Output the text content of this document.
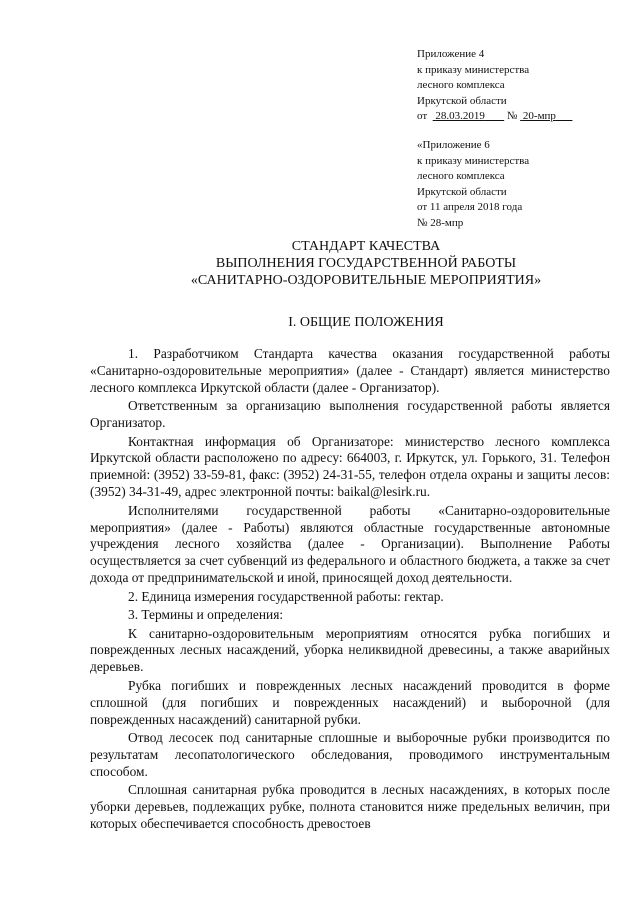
Приложение 4
к приказу министерства
лесного комплекса
Иркутской области
от 28.03.2019 № 20-мпр
«Приложение 6
к приказу министерства
лесного комплекса
Иркутской области
от 11 апреля 2018 года
№ 28-мпр
СТАНДАРТ КАЧЕСТВА
ВЫПОЛНЕНИЯ ГОСУДАРСТВЕННОЙ РАБОТЫ
«САНИТАРНО-ОЗДОРОВИТЕЛЬНЫЕ МЕРОПРИЯТИЯ»
I. ОБЩИЕ ПОЛОЖЕНИЯ

1. Разработчиком Стандарта качества оказания государственной работы «Санитарно-оздоровительные мероприятия» (далее - Стандарт) является министерство лесного комплекса Иркутской области (далее - Организатор).

Ответственным за организацию выполнения государственной работы является Организатор.

Контактная информация об Организаторе: министерство лесного комплекса Иркутской области расположено по адресу: 664003, г. Иркутск, ул. Горького, 31. Телефон приемной: (3952) 33-59-81, факс: (3952) 24-31-55, телефон отдела охраны и защиты лесов: (3952) 34-31-49, адрес электронной почты: baikal@lesirk.ru.

Исполнителями государственной работы «Санитарно-оздоровительные мероприятия» (далее - Работы) являются областные государственные автономные учреждения лесного хозяйства (далее - Организации). Выполнение Работы осуществляется за счет субвенций из федерального и областного бюджета, а также за счет дохода от предпринимательской и иной, приносящей доход деятельности.

2. Единица измерения государственной работы: гектар.

3. Термины и определения:

К санитарно-оздоровительным мероприятиям относятся рубка погибших и поврежденных лесных насаждений, уборка неликвидной древесины, а также аварийных деревьев.

Рубка погибших и поврежденных лесных насаждений проводится в форме сплошной (для погибших и поврежденных насаждений) и выборочной (для поврежденных насаждений) санитарной рубки.

Отвод лесосек под санитарные сплошные и выборочные рубки производится по результатам лесопатологического обследования, проводимого инструментальным способом.

Сплошная санитарная рубка проводится в лесных насаждениях, в которых после уборки деревьев, подлежащих рубке, полнота становится ниже предельных величин, при которых обеспечивается способность древостоев
